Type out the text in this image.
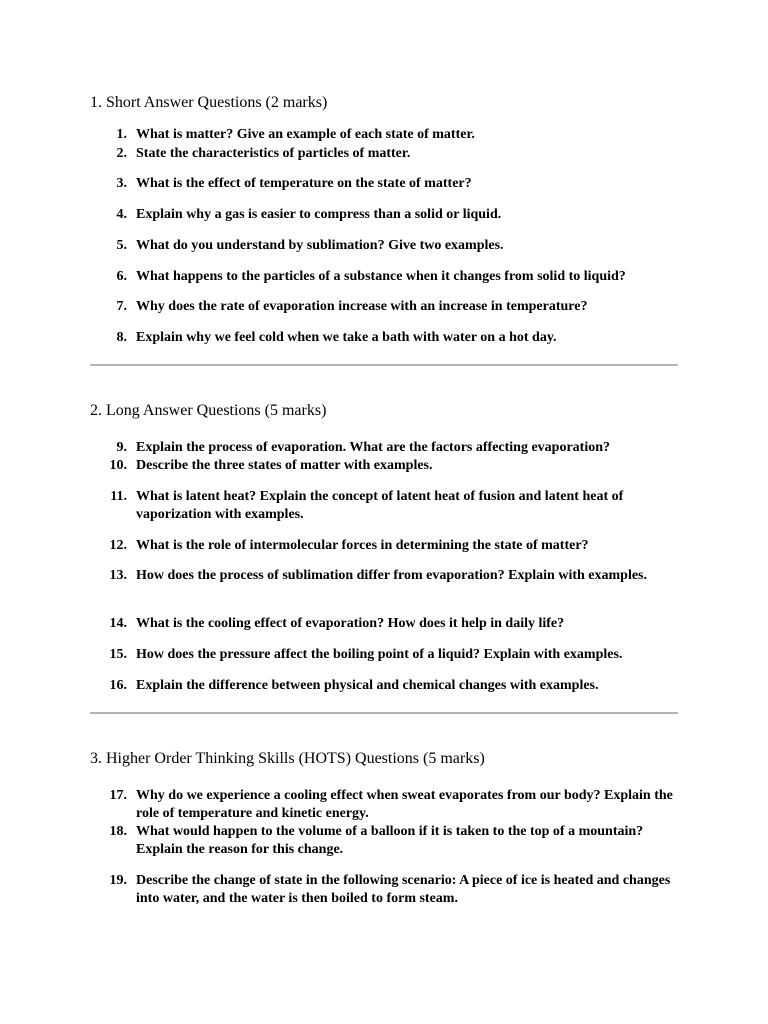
1. Short Answer Questions (2 marks)
1. What is matter? Give an example of each state of matter.
2. State the characteristics of particles of matter.
3. What is the effect of temperature on the state of matter?
4. Explain why a gas is easier to compress than a solid or liquid.
5. What do you understand by sublimation? Give two examples.
6. What happens to the particles of a substance when it changes from solid to liquid?
7. Why does the rate of evaporation increase with an increase in temperature?
8. Explain why we feel cold when we take a bath with water on a hot day.
2. Long Answer Questions (5 marks)
9. Explain the process of evaporation. What are the factors affecting evaporation?
10. Describe the three states of matter with examples.
11. What is latent heat? Explain the concept of latent heat of fusion and latent heat of vaporization with examples.
12. What is the role of intermolecular forces in determining the state of matter?
13. How does the process of sublimation differ from evaporation? Explain with examples.
14. What is the cooling effect of evaporation? How does it help in daily life?
15. How does the pressure affect the boiling point of a liquid? Explain with examples.
16. Explain the difference between physical and chemical changes with examples.
3. Higher Order Thinking Skills (HOTS) Questions (5 marks)
17. Why do we experience a cooling effect when sweat evaporates from our body? Explain the role of temperature and kinetic energy.
18. What would happen to the volume of a balloon if it is taken to the top of a mountain? Explain the reason for this change.
19. Describe the change of state in the following scenario: A piece of ice is heated and changes into water, and the water is then boiled to form steam.
